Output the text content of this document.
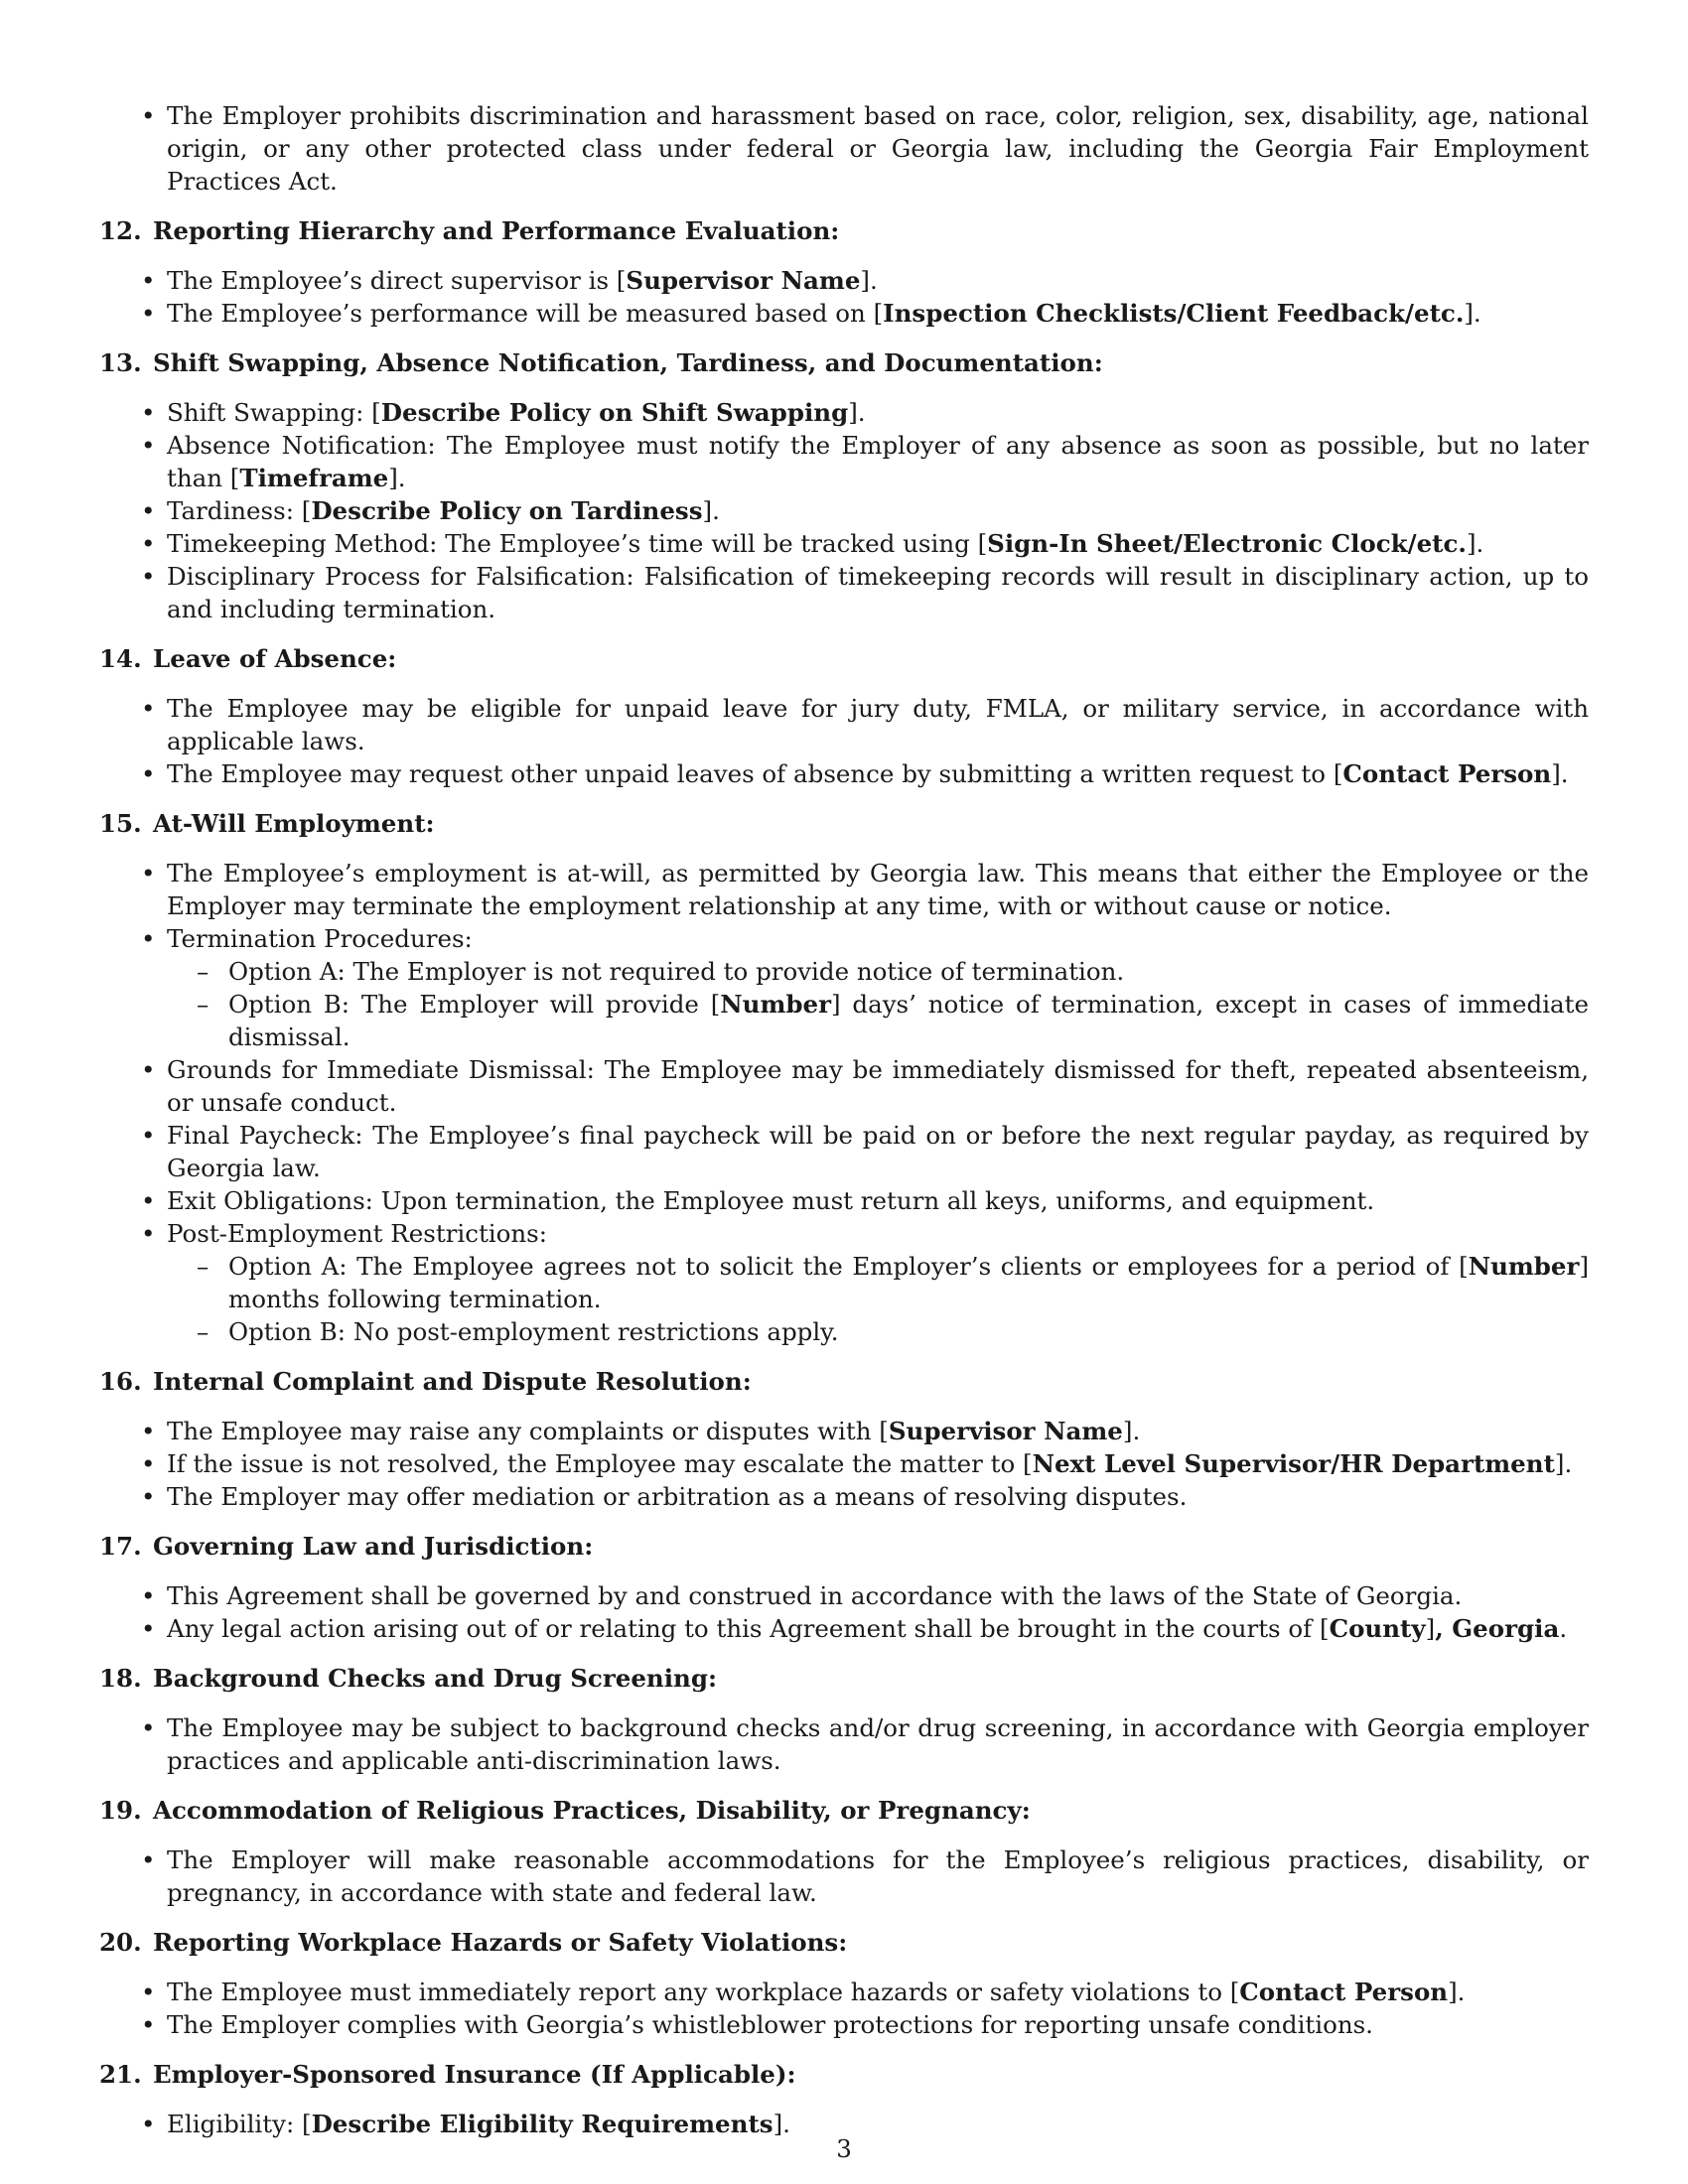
• The Employer prohibits discrimination and harassment based on race, color, religion, sex, disability, age, national origin, or any other protected class under federal or Georgia law, including the Georgia Fair Employment Practices Act.
12. Reporting Hierarchy and Performance Evaluation:
• The Employee’s direct supervisor is [Supervisor Name].
• The Employee’s performance will be measured based on [Inspection Checklists/Client Feedback/etc.].
13. Shift Swapping, Absence Notification, Tardiness, and Documentation:
• Shift Swapping: [Describe Policy on Shift Swapping].
• Absence Notification: The Employee must notify the Employer of any absence as soon as possible, but no later than [Timeframe].
• Tardiness: [Describe Policy on Tardiness].
• Timekeeping Method: The Employee’s time will be tracked using [Sign-In Sheet/Electronic Clock/etc.].
• Disciplinary Process for Falsification: Falsification of timekeeping records will result in disciplinary action, up to and including termination.
14. Leave of Absence:
• The Employee may be eligible for unpaid leave for jury duty, FMLA, or military service, in accordance with applicable laws.
• The Employee may request other unpaid leaves of absence by submitting a written request to [Contact Person].
15. At-Will Employment:
• The Employee’s employment is at-will, as permitted by Georgia law. This means that either the Employee or the Employer may terminate the employment relationship at any time, with or without cause or notice.
• Termination Procedures:
– Option A: The Employer is not required to provide notice of termination.
– Option B: The Employer will provide [Number] days’ notice of termination, except in cases of immediate dismissal.
• Grounds for Immediate Dismissal: The Employee may be immediately dismissed for theft, repeated absenteeism, or unsafe conduct.
• Final Paycheck: The Employee’s final paycheck will be paid on or before the next regular payday, as required by Georgia law.
• Exit Obligations: Upon termination, the Employee must return all keys, uniforms, and equipment.
• Post-Employment Restrictions:
– Option A: The Employee agrees not to solicit the Employer’s clients or employees for a period of [Number] months following termination.
– Option B: No post-employment restrictions apply.
16. Internal Complaint and Dispute Resolution:
• The Employee may raise any complaints or disputes with [Supervisor Name].
• If the issue is not resolved, the Employee may escalate the matter to [Next Level Supervisor/HR Department].
• The Employer may offer mediation or arbitration as a means of resolving disputes.
17. Governing Law and Jurisdiction:
• This Agreement shall be governed by and construed in accordance with the laws of the State of Georgia.
• Any legal action arising out of or relating to this Agreement shall be brought in the courts of [County], Georgia.
18. Background Checks and Drug Screening:
• The Employee may be subject to background checks and/or drug screening, in accordance with Georgia employer practices and applicable anti-discrimination laws.
19. Accommodation of Religious Practices, Disability, or Pregnancy:
• The Employer will make reasonable accommodations for the Employee’s religious practices, disability, or pregnancy, in accordance with state and federal law.
20. Reporting Workplace Hazards or Safety Violations:
• The Employee must immediately report any workplace hazards or safety violations to [Contact Person].
• The Employer complies with Georgia’s whistleblower protections for reporting unsafe conditions.
21. Employer-Sponsored Insurance (If Applicable):
• Eligibility: [Describe Eligibility Requirements].
3
